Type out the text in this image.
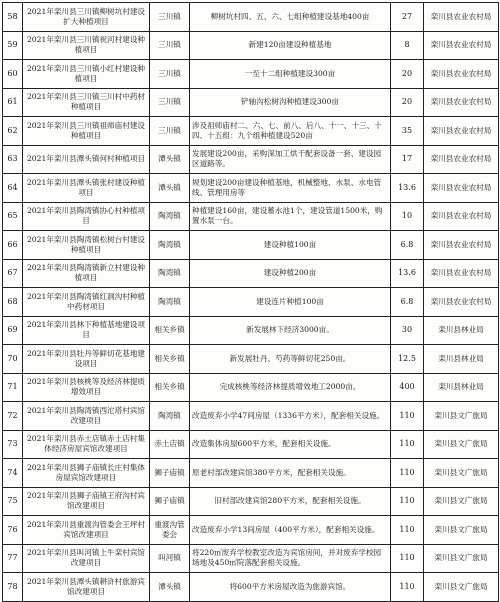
58	2021年栾川县三川镇柳树坑村建设扩大种植项目	三川镇	柳树坑村四、五、六、七组种植建设基地400亩	27	栾川县农业农村局
59	2021年栾川县三川镇祝河村建设种植项目	三川镇	新建120亩建设种植基地	8	栾川县农业农村局
60	2021年栾川县三川镇小红村建设种植项目	三川镇	一至十二组种植建设300亩	20	栾川县农业农村局
61	2021年栾川县三川镇三川村中药材种植项目	三川镇	铲轴沟松树沟种植建设300亩	20	栾川县农业农村局
62	2021年栾川县三川镇祖师庙村建设种植项目	三川镇	涉及祖师庙村二、六、七、前八、后八、十一、十三、十四、十五组：九个组种植建设520亩	35	栾川县农业农村局
63	2021年栾川县潭头镇何村种植项目	潭头镇	发展建设200亩，采购深加工烘干配套设备一套、建设园区道路等。	17	栾川县农业农村局
64	2021年栾川县潭头镇张村建设种植项目	潭头镇	规划建设200亩建设种植基地，机械整地、水泵、水电管线、管理用房等	13.6	栾川县农业农村局
65	2021年栾川县陶湾镇协心村种植项目	陶湾镇	种植建设160亩，建设蓄水池1个，建设管道1500米，购置水泵一台。	10	栾川县农业农村局
66	2021年栾川县陶湾镇松树台村建设种植项目	陶湾镇	建设种植100亩	6.8	栾川县农业农村局
67	2021年栾川县陶湾镇新立村建设种植项目	陶湾镇	建设种植200亩	13.6	栾川县农业农村局
68	2021年栾川县陶湾镇红洞沟村种植中药材项目	陶湾镇	建设连片种植100亩	6.8	栾川县农业农村局
69	2021年栾川县林下种植基地建设项目	相关乡镇	新发展林下经济3000亩。	30	栾川县林业局
70	2021年栾川县牡丹等鲜切花基地建设项目	相关乡镇	新发展牡丹、芍药等鲜切花250亩。	12.5	栾川县林业局
71	2021年栾川县核桃等及经济林提质增效项目	相关乡镇	完成核桃等经济林提质增效地工2000亩。	400	栾川县林业局
72	2021年栾川县陶湾镇西沱塔村宾馆改建项目	陶湾镇	改造废弃小学47间房屋（1336平方米），配套相关设施。	110	栾川县文广旅局
73	2021年栾川县赤土店镇赤土店村集体经济房屋宾馆改建项目	赤土店镇	改造集体房屋600平方米，配套相关设施。	110	栾川县文广旅局
74	2021年栾川县狮子庙镇长庄村集体房屋宾馆改建项目	狮子庙镇	原老村部改建宾馆380平方米，配套相关设施。	110	栾川县文广旅局
75	2021年栾川县狮子庙镇王府沟村宾馆改建项目	狮子庙镇	旧村部改建宾馆280平方米，配套相关设施。	110	栾川县文广旅局
76	2021年栾川县重渡沟管委会王坪村宾馆改建项目	重渡沟管委会	改造废弃小学13间房屋（400平方米），配套相关设施。	110	栾川县文广旅局
77	2021年栾川县叫河镇上牛栾村宾馆改建项目	叫河镇	将220㎡废弃学校教室改造为宾馆房间，并对废弃学校园场地及450㎡院落配套相关设施。	110	栾川县文广旅局
78	2021年栾川县潭头镇耕浒村旅游宾馆改建项目	潭头镇	将600平方米房屋改造为旅游宾馆。	110	栾川县文广旅局
